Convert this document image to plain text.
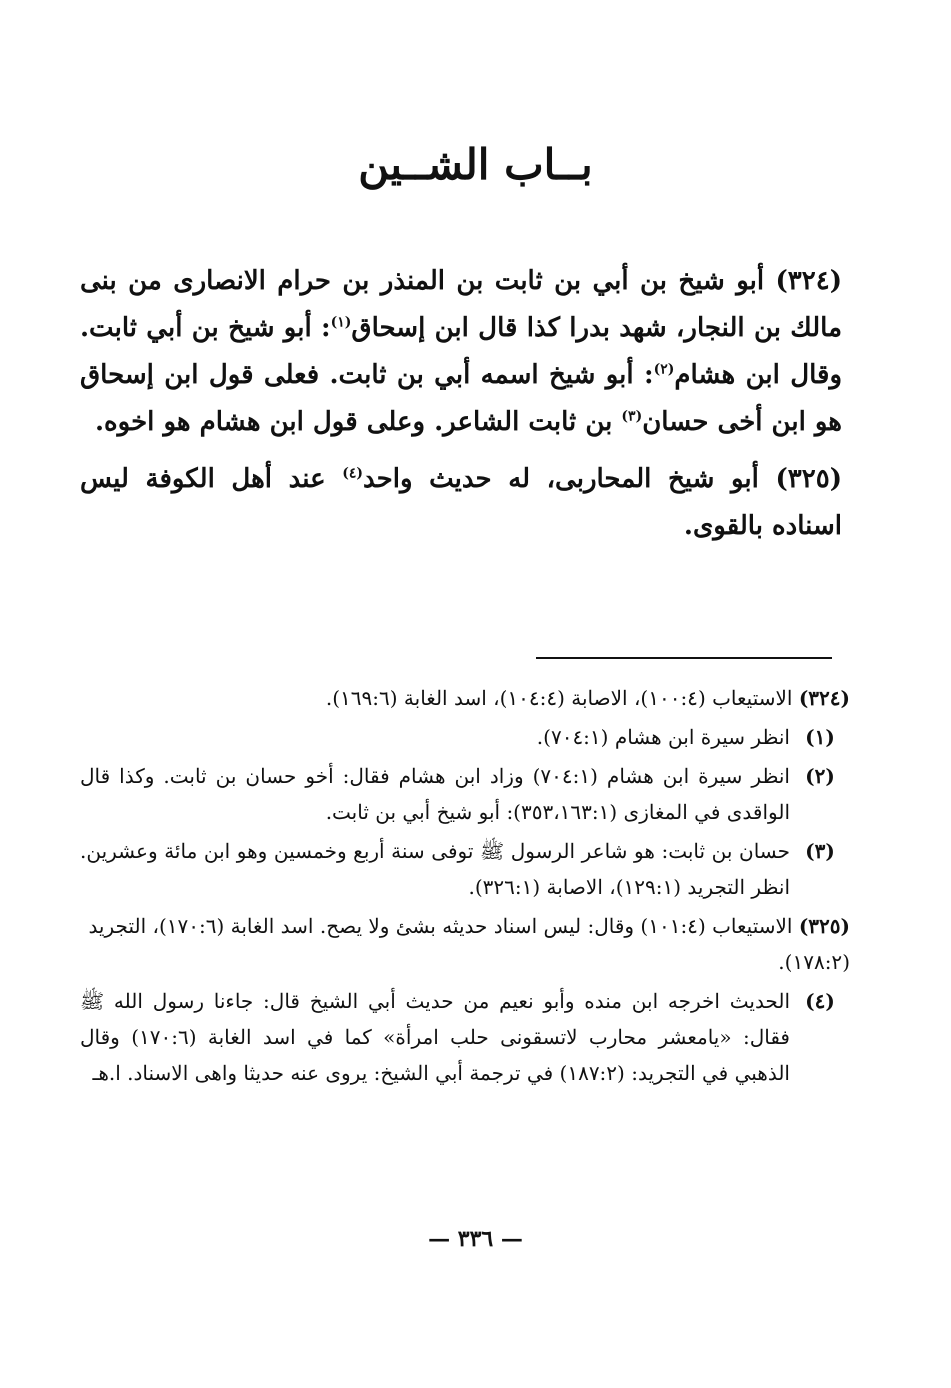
بــاب الشــين

(٣٢٤) أبو شيخ بن أبي بن ثابت بن المنذر بن حرام الانصارى من بنى مالك بن النجار، شهد بدرا كذا قال ابن إسحاق$^{(١)}$: أبو شيخ بن أبي ثابت. وقال ابن هشام$^{(٢)}$: أبو شيخ اسمه أبي بن ثابت. فعلى قول ابن إسحاق هو ابن أخى حسان$^{(٣)}$ بن ثابت الشاعر. وعلى قول ابن هشام هو اخوه.

(٣٢٥) أبو شيخ المحاربى، له حديث واحد$^{(٤)}$ عند أهل الكوفة ليس اسناده بالقوى.

(٣٢٤) الاستيعاب (١٠٠:٤)، الاصابة (١٠٤:٤)، اسد الغابة (١٦٩:٦).
(١)
انظر سيرة ابن هشام (٧٠٤:١).
(٢)
انظر سيرة ابن هشام (٧٠٤:١) وزاد ابن هشام فقال: أخو حسان بن ثابت. وكذا قال الواقدى في المغازى (٣٥٣،١٦٣:١): أبو شيخ أبي بن ثابت.
(٣)
حسان بن ثابت: هو شاعر الرسول ﷺ توفى سنة أربع وخمسين وهو ابن مائة وعشرين. انظر التجريد (١٢٩:١)، الاصابة (٣٢٦:١).
(٣٢٥) الاستيعاب (١٠١:٤) وقال: ليس اسناد حديثه بشئ ولا يصح. اسد الغابة (١٧٠:٦)، التجريد (١٧٨:٢).
(٤)
الحديث اخرجه ابن منده وأبو نعيم من حديث أبي الشيخ قال: جاءنا رسول الله ﷺ فقال: «يامعشر محارب لاتسقونى حلب امرأة» كما في اسد الغابة (١٧٠:٦) وقال الذهبي في التجريد: (١٨٧:٢) في ترجمة أبي الشيخ: يروى عنه حديثا واهى الاسناد. ا.هـ
— ٣٣٦ —
